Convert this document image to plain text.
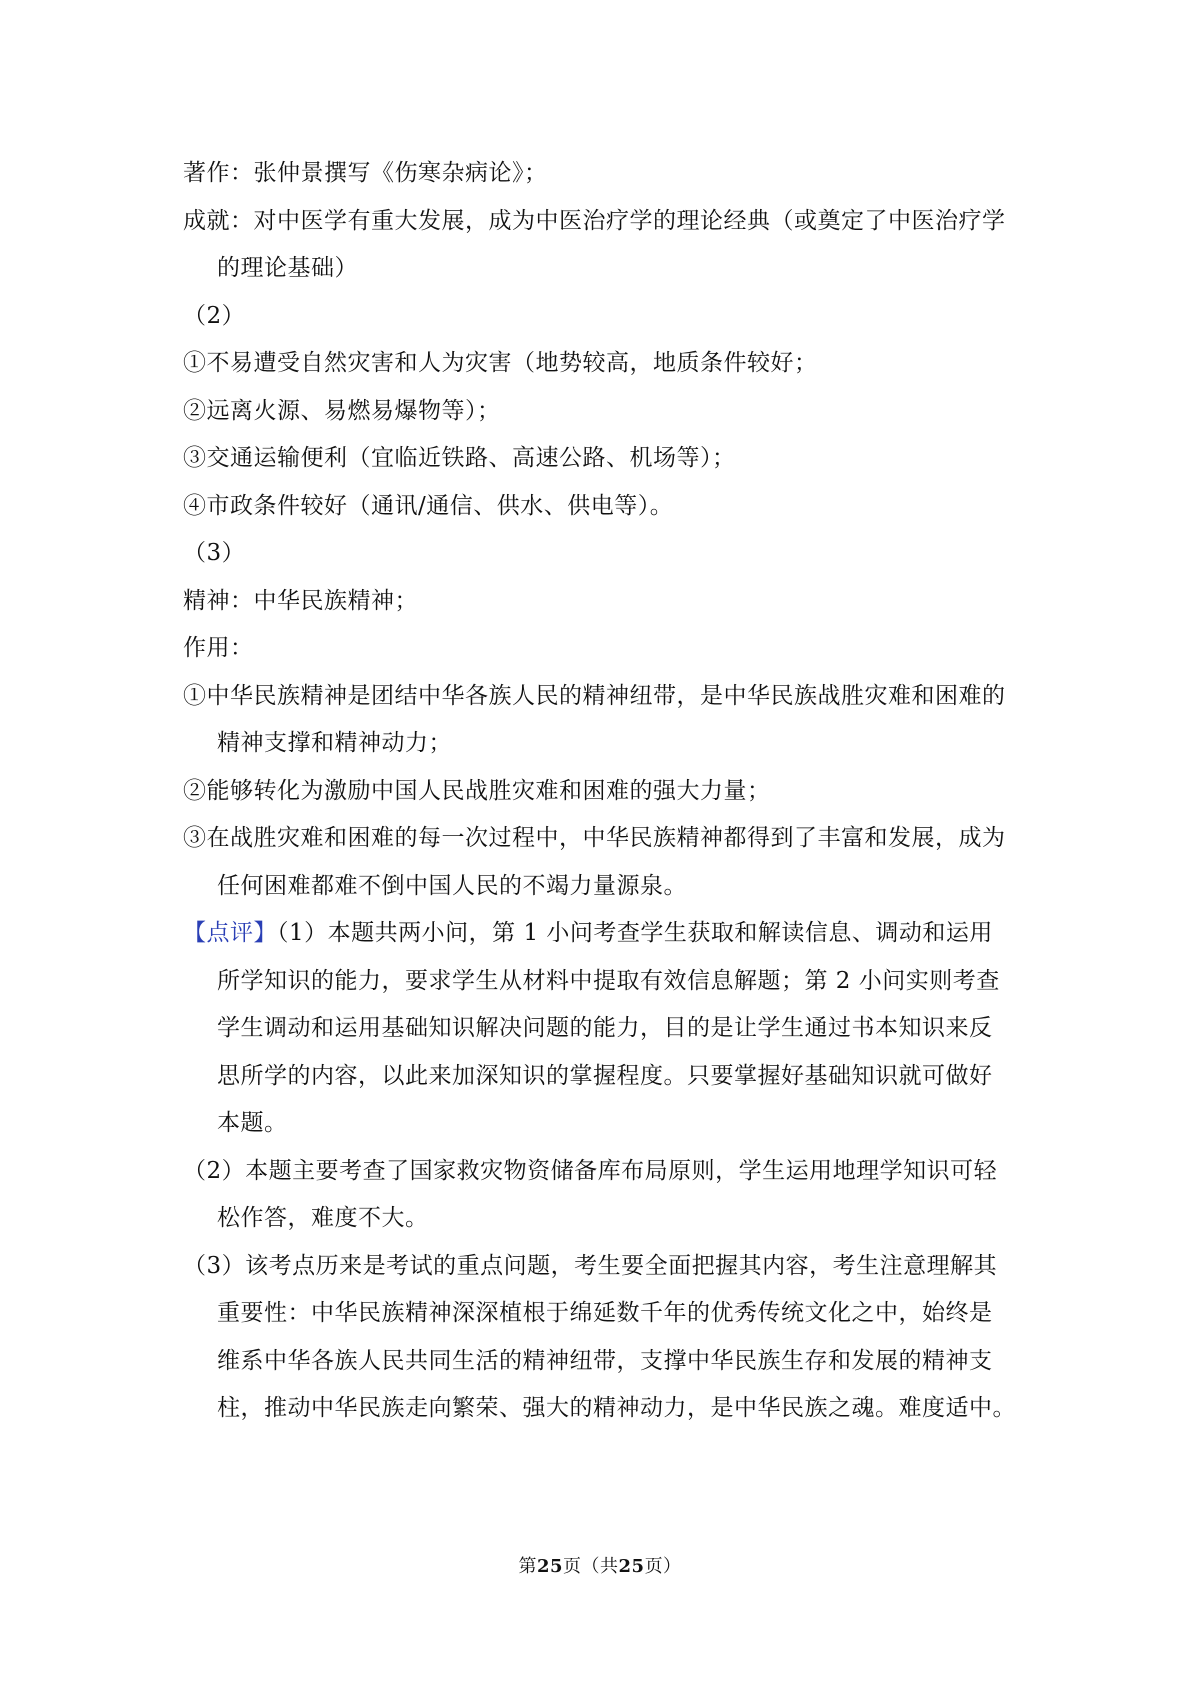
著作：张仲景撰写《伤寒杂病论》；
成就：对中医学有重大发展，成为中医治疗学的理论经典（或奠定了中医治疗学
的理论基础）
（2）
①不易遭受自然灾害和人为灾害（地势较高，地质条件较好；
②远离火源、易燃易爆物等）；
③交通运输便利（宜临近铁路、高速公路、机场等）；
④市政条件较好（通讯/通信、供水、供电等）。
（3）
精神：中华民族精神；
作用：
①中华民族精神是团结中华各族人民的精神纽带，是中华民族战胜灾难和困难的
精神支撑和精神动力；
②能够转化为激励中国人民战胜灾难和困难的强大力量；
③在战胜灾难和困难的每一次过程中，中华民族精神都得到了丰富和发展，成为
任何困难都难不倒中国人民的不竭力量源泉。
【点评】（1）本题共两小问，第 1 小问考查学生获取和解读信息、调动和运用
所学知识的能力，要求学生从材料中提取有效信息解题；第 2 小问实则考查
学生调动和运用基础知识解决问题的能力，目的是让学生通过书本知识来反
思所学的内容，以此来加深知识的掌握程度。只要掌握好基础知识就可做好
本题。
（2）本题主要考查了国家救灾物资储备库布局原则，学生运用地理学知识可轻
松作答，难度不大。
（3）该考点历来是考试的重点问题，考生要全面把握其内容，考生注意理解其
重要性：中华民族精神深深植根于绵延数千年的优秀传统文化之中，始终是
维系中华各族人民共同生活的精神纽带，支撑中华民族生存和发展的精神支
柱，推动中华民族走向繁荣、强大的精神动力，是中华民族之魂。难度适中。
第25页（共25页）
